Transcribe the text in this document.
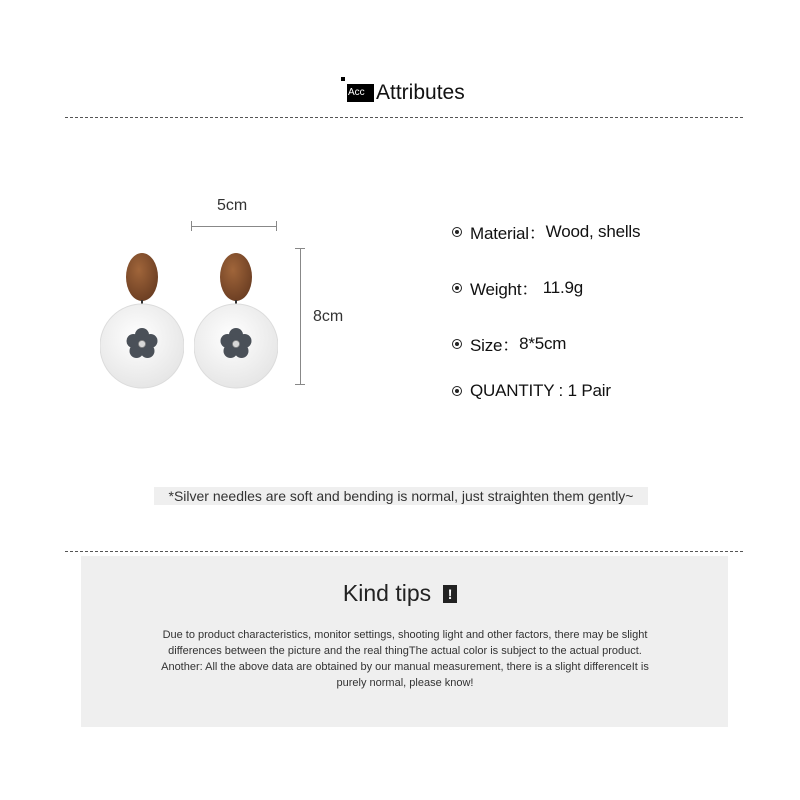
Acc Attributes
5cm
8cm
Material： Wood, shells
Weight： 11.9g
Size： 8*5cm
QUANTITY : 1 Pair
*Silver needles are soft and bending is normal, just straighten them gently~
Kind tips	!
Due to product characteristics, monitor settings, shooting light and other factors, there may be slight
differences between the picture and the real thingThe actual color is subject to the actual product.
Another: All the above data are obtained by our manual measurement, there is a slight differenceIt is
purely normal, please know!
